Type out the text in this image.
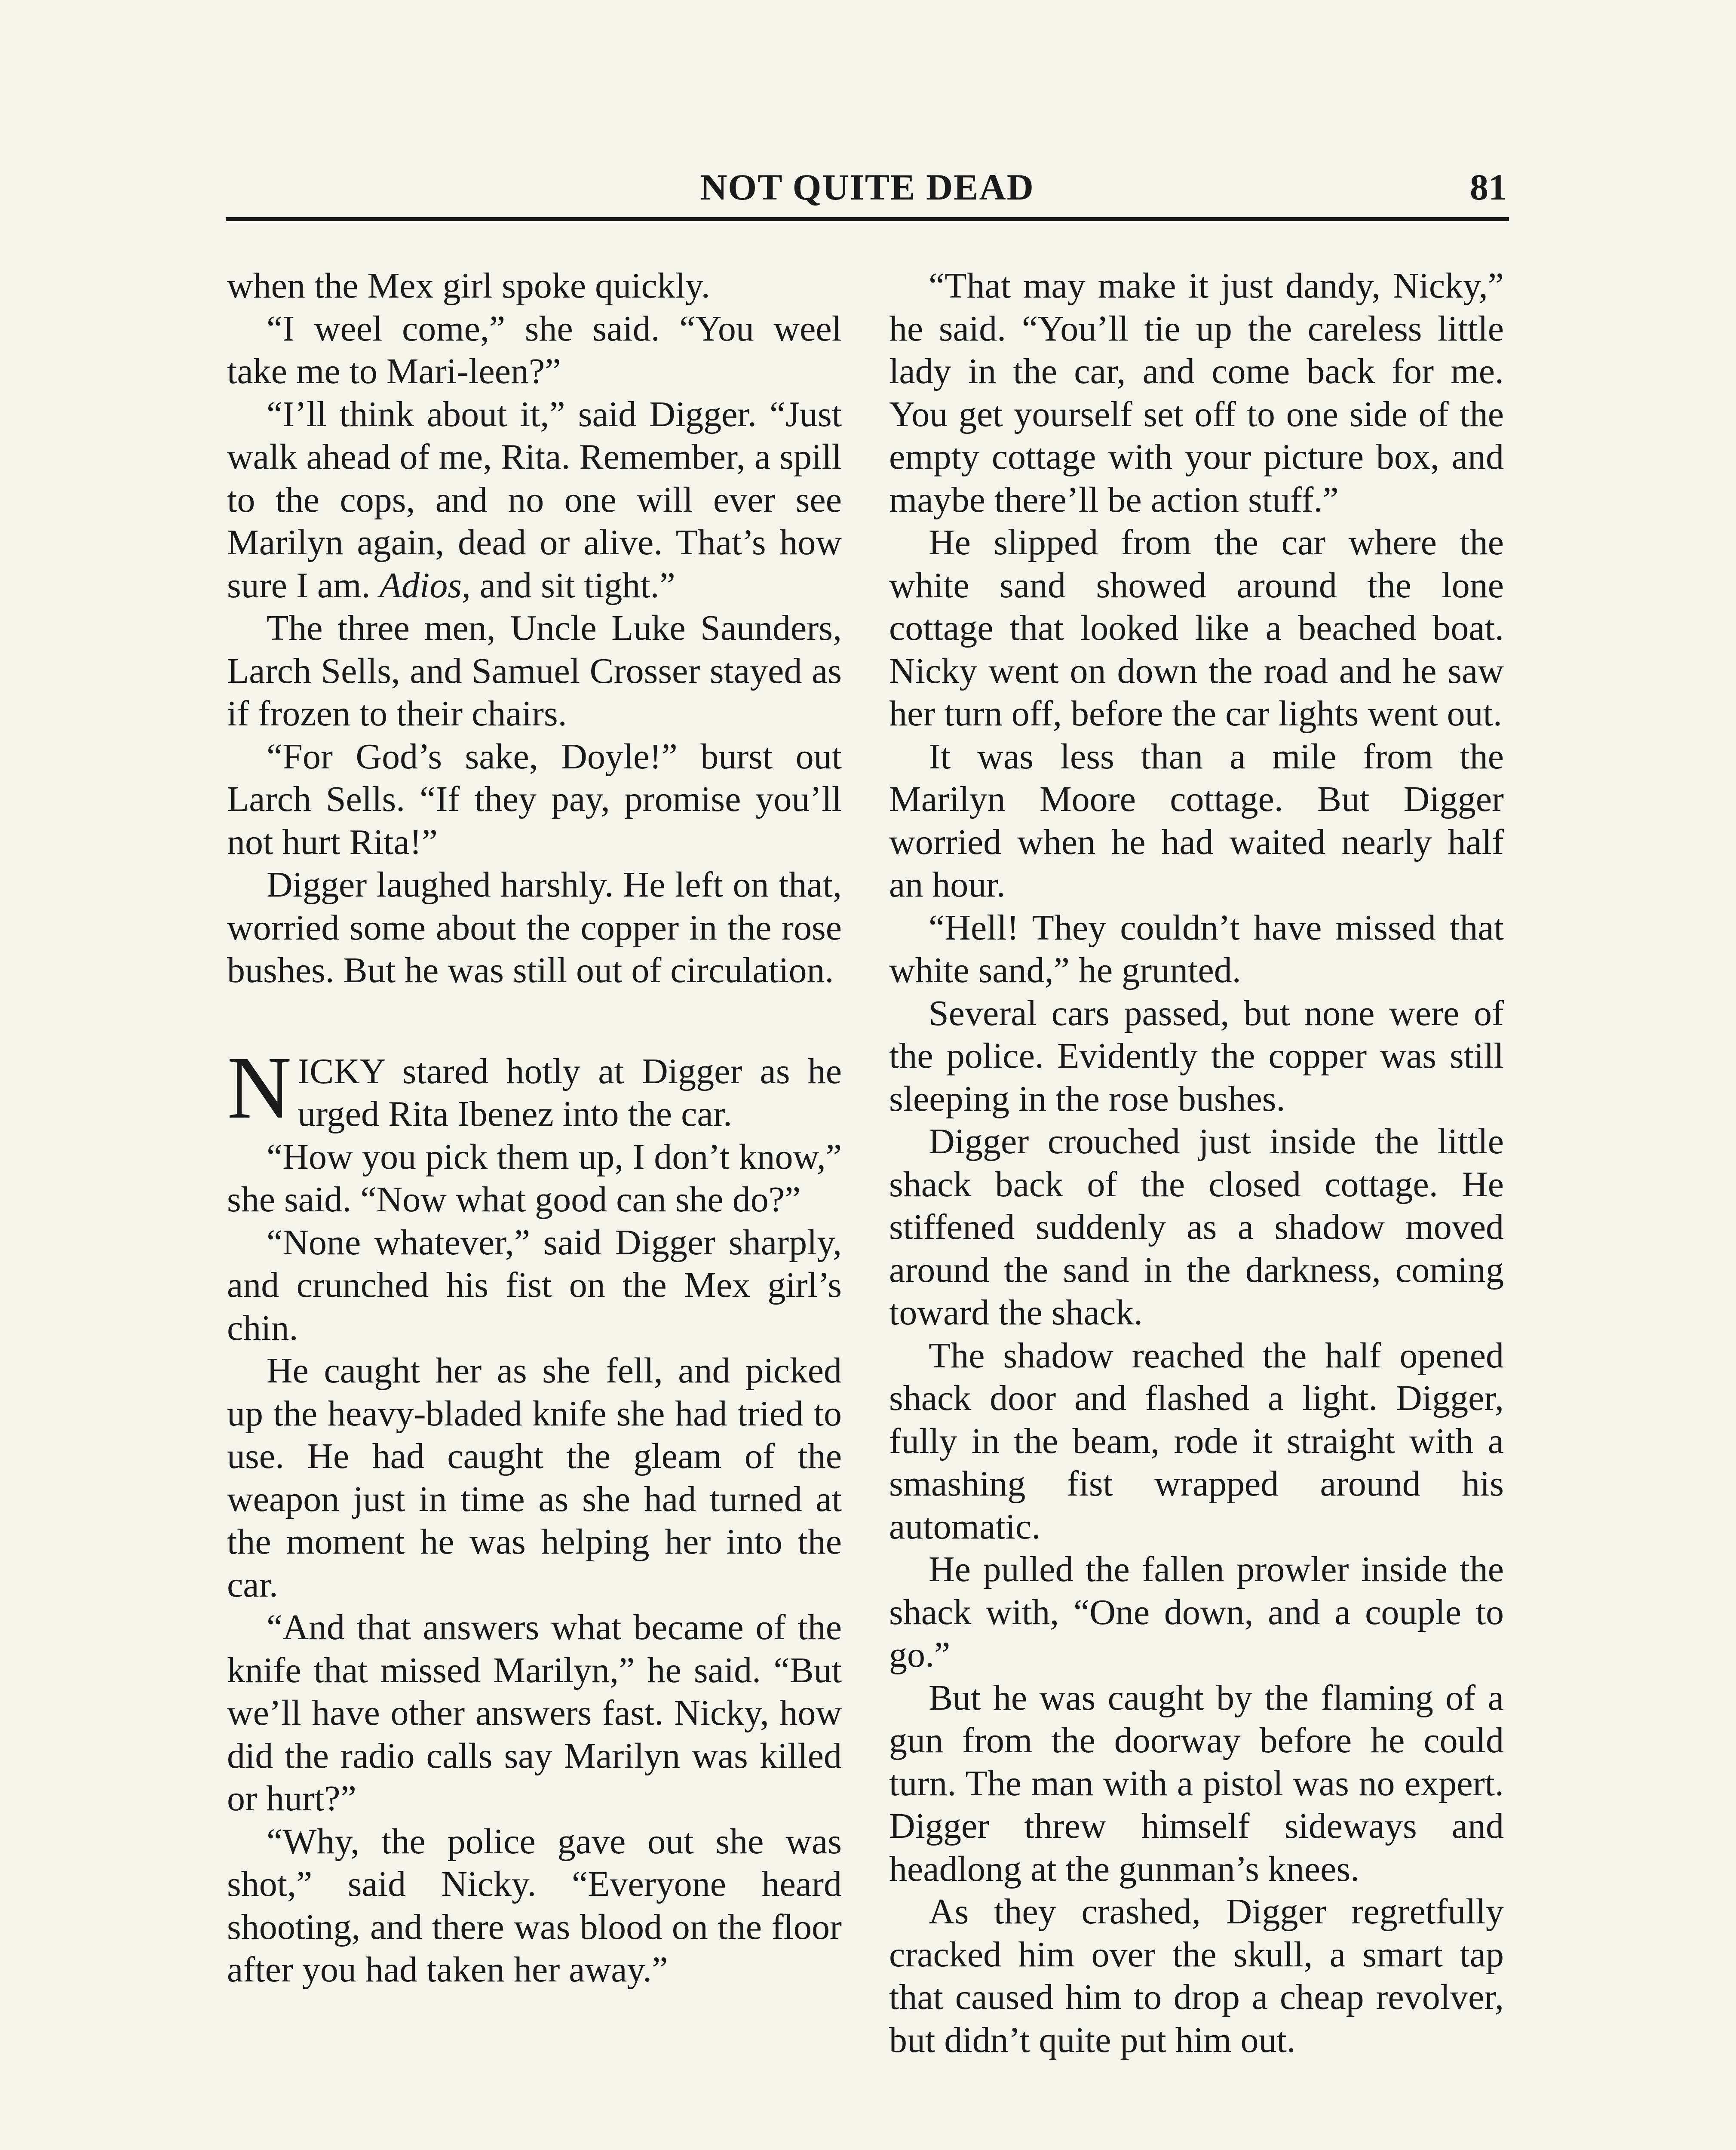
NOT QUITE DEAD	81

when the Mex girl spoke quickly.

“I weel come,” she said. “You weel take me to Mari-leen?”

“I’ll think about it,” said Digger. “Just walk ahead of me, Rita. Remember, a spill to the cops, and no one will ever see Marilyn again, dead or alive. That’s how sure I am. Adios, and sit tight.”

The three men, Uncle Luke Saunders, Larch Sells, and Samuel Crosser stayed as if frozen to their chairs.

“For God’s sake, Doyle!” burst out Larch Sells. “If they pay, promise you’ll not hurt Rita!”

Digger laughed harshly. He left on that, worried some about the copper in the rose bushes. But he was still out of circulation.

NICKY stared hotly at Digger as he urged Rita Ibenez into the car.

“How you pick them up, I don’t know,” she said. “Now what good can she do?”

“None whatever,” said Digger sharply, and crunched his fist on the Mex girl’s chin.

He caught her as she fell, and picked up the heavy-bladed knife she had tried to use. He had caught the gleam of the weapon just in time as she had turned at the moment he was helping her into the car.

“And that answers what became of the knife that missed Marilyn,” he said. “But we’ll have other answers fast. Nicky, how did the radio calls say Marilyn was killed or hurt?”

“Why, the police gave out she was shot,” said Nicky. “Everyone heard shooting, and there was blood on the floor after you had taken her away.”

“That may make it just dandy, Nicky,” he said. “You’ll tie up the careless little lady in the car, and come back for me. You get yourself set off to one side of the empty cottage with your picture box, and maybe there’ll be action stuff.”

He slipped from the car where the white sand showed around the lone cottage that looked like a beached boat. Nicky went on down the road and he saw her turn off, before the car lights went out.

It was less than a mile from the Marilyn Moore cottage. But Digger worried when he had waited nearly half an hour.

“Hell! They couldn’t have missed that white sand,” he grunted.

Several cars passed, but none were of the police. Evidently the copper was still sleeping in the rose bushes.

Digger crouched just inside the little shack back of the closed cottage. He stiffened suddenly as a shadow moved around the sand in the darkness, coming toward the shack.

The shadow reached the half opened shack door and flashed a light. Digger, fully in the beam, rode it straight with a smashing fist wrapped around his automatic.

He pulled the fallen prowler inside the shack with, “One down, and a couple to go.”

But he was caught by the flaming of a gun from the doorway before he could turn. The man with a pistol was no expert. Digger threw himself sideways and headlong at the gunman’s knees.

As they crashed, Digger regretfully cracked him over the skull, a smart tap that caused him to drop a cheap revolver, but didn’t quite put him out.
